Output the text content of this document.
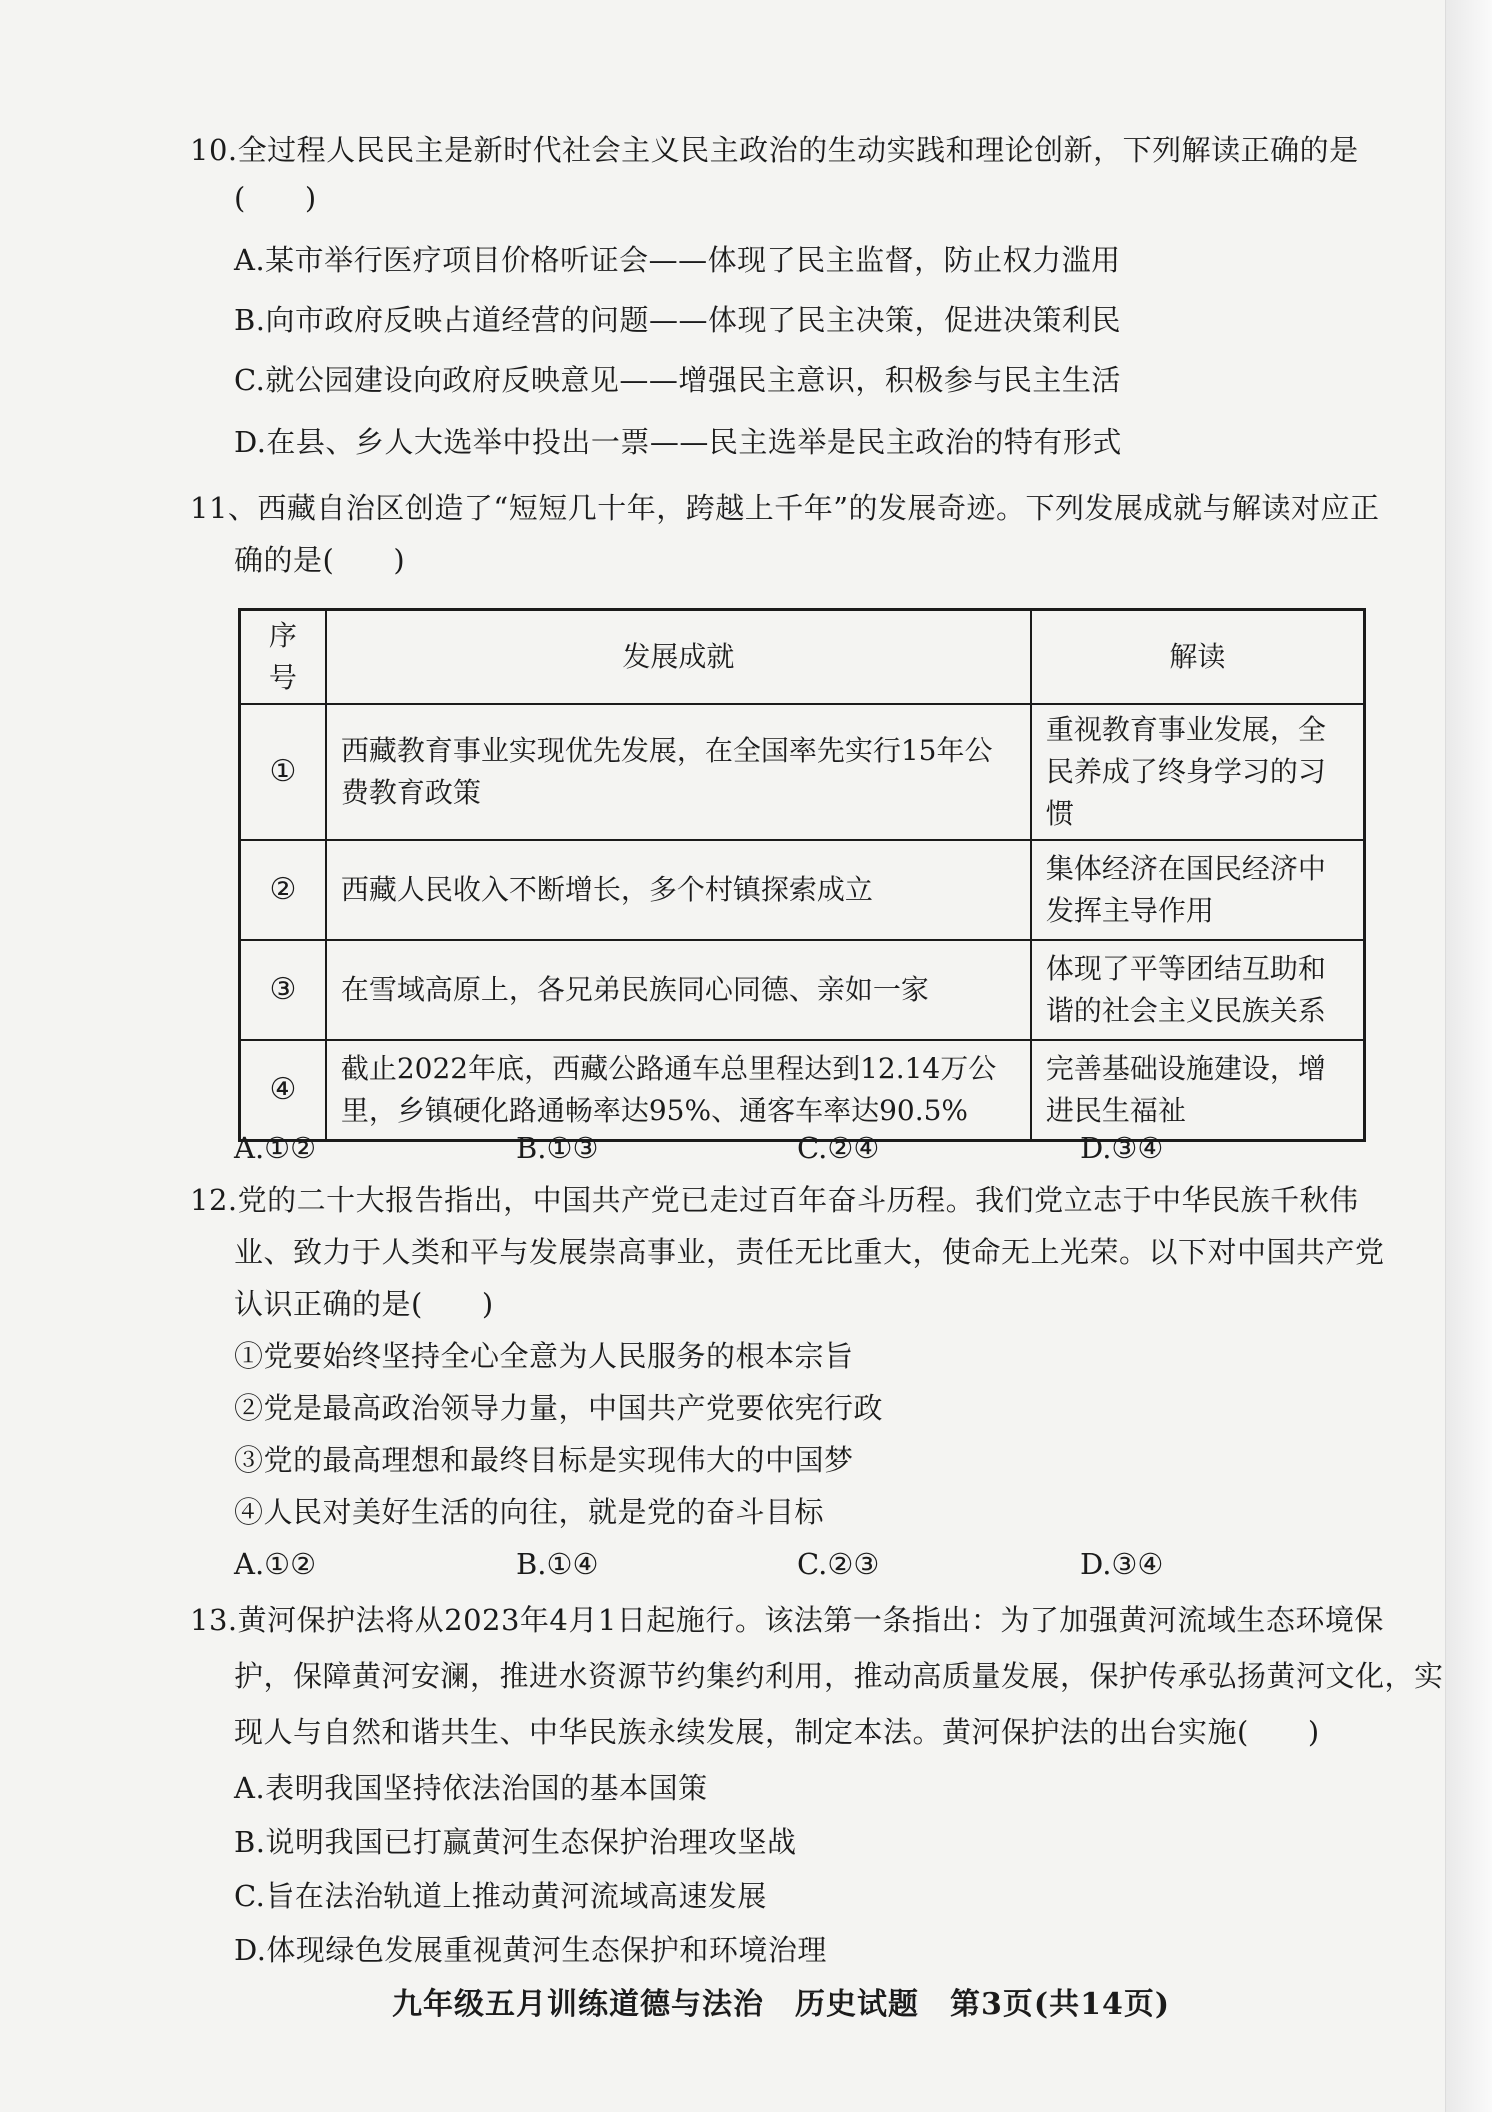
10.全过程人民民主是新时代社会主义民主政治的生动实践和理论创新，下列解读正确的是
(　　)
A.某市举行医疗项目价格听证会——体现了民主监督，防止权力滥用
B.向市政府反映占道经营的问题——体现了民主决策，促进决策利民
C.就公园建设向政府反映意见——增强民主意识，积极参与民主生活
D.在县、乡人大选举中投出一票——民主选举是民主政治的特有形式
11、西藏自治区创造了“短短几十年，跨越上千年”的发展奇迹。下列发展成就与解读对应正
确的是(　　)
序号	发展成就	解读
①	西藏教育事业实现优先发展，在全国率先实行15年公费教育政策	重视教育事业发展，全民养成了终身学习的习惯
②	西藏人民收入不断增长，多个村镇探索成立	集体经济在国民经济中发挥主导作用
③	在雪域高原上，各兄弟民族同心同德、亲如一家	体现了平等团结互助和谐的社会主义民族关系
④	截止2022年底，西藏公路通车总里程达到12.14万公里，乡镇硬化路通畅率达95%、通客车率达90.5%	完善基础设施建设，增进民生福祉
A.①②	B.①③	C.②④	D.③④
12.党的二十大报告指出，中国共产党已走过百年奋斗历程。我们党立志于中华民族千秋伟
业、致力于人类和平与发展崇高事业，责任无比重大，使命无上光荣。以下对中国共产党
认识正确的是(　　)
①党要始终坚持全心全意为人民服务的根本宗旨
②党是最高政治领导力量，中国共产党要依宪行政
③党的最高理想和最终目标是实现伟大的中国梦
④人民对美好生活的向往，就是党的奋斗目标
A.①②	B.①④	C.②③	D.③④
13.黄河保护法将从2023年4月1日起施行。该法第一条指出：为了加强黄河流域生态环境保
护，保障黄河安澜，推进水资源节约集约利用，推动高质量发展，保护传承弘扬黄河文化，实
现人与自然和谐共生、中华民族永续发展，制定本法。黄河保护法的出台实施(　　)
A.表明我国坚持依法治国的基本国策
B.说明我国已打赢黄河生态保护治理攻坚战
C.旨在法治轨道上推动黄河流域高速发展
D.体现绿色发展重视黄河生态保护和环境治理
九年级五月训练道德与法治　历史试题　第3页(共14页)
